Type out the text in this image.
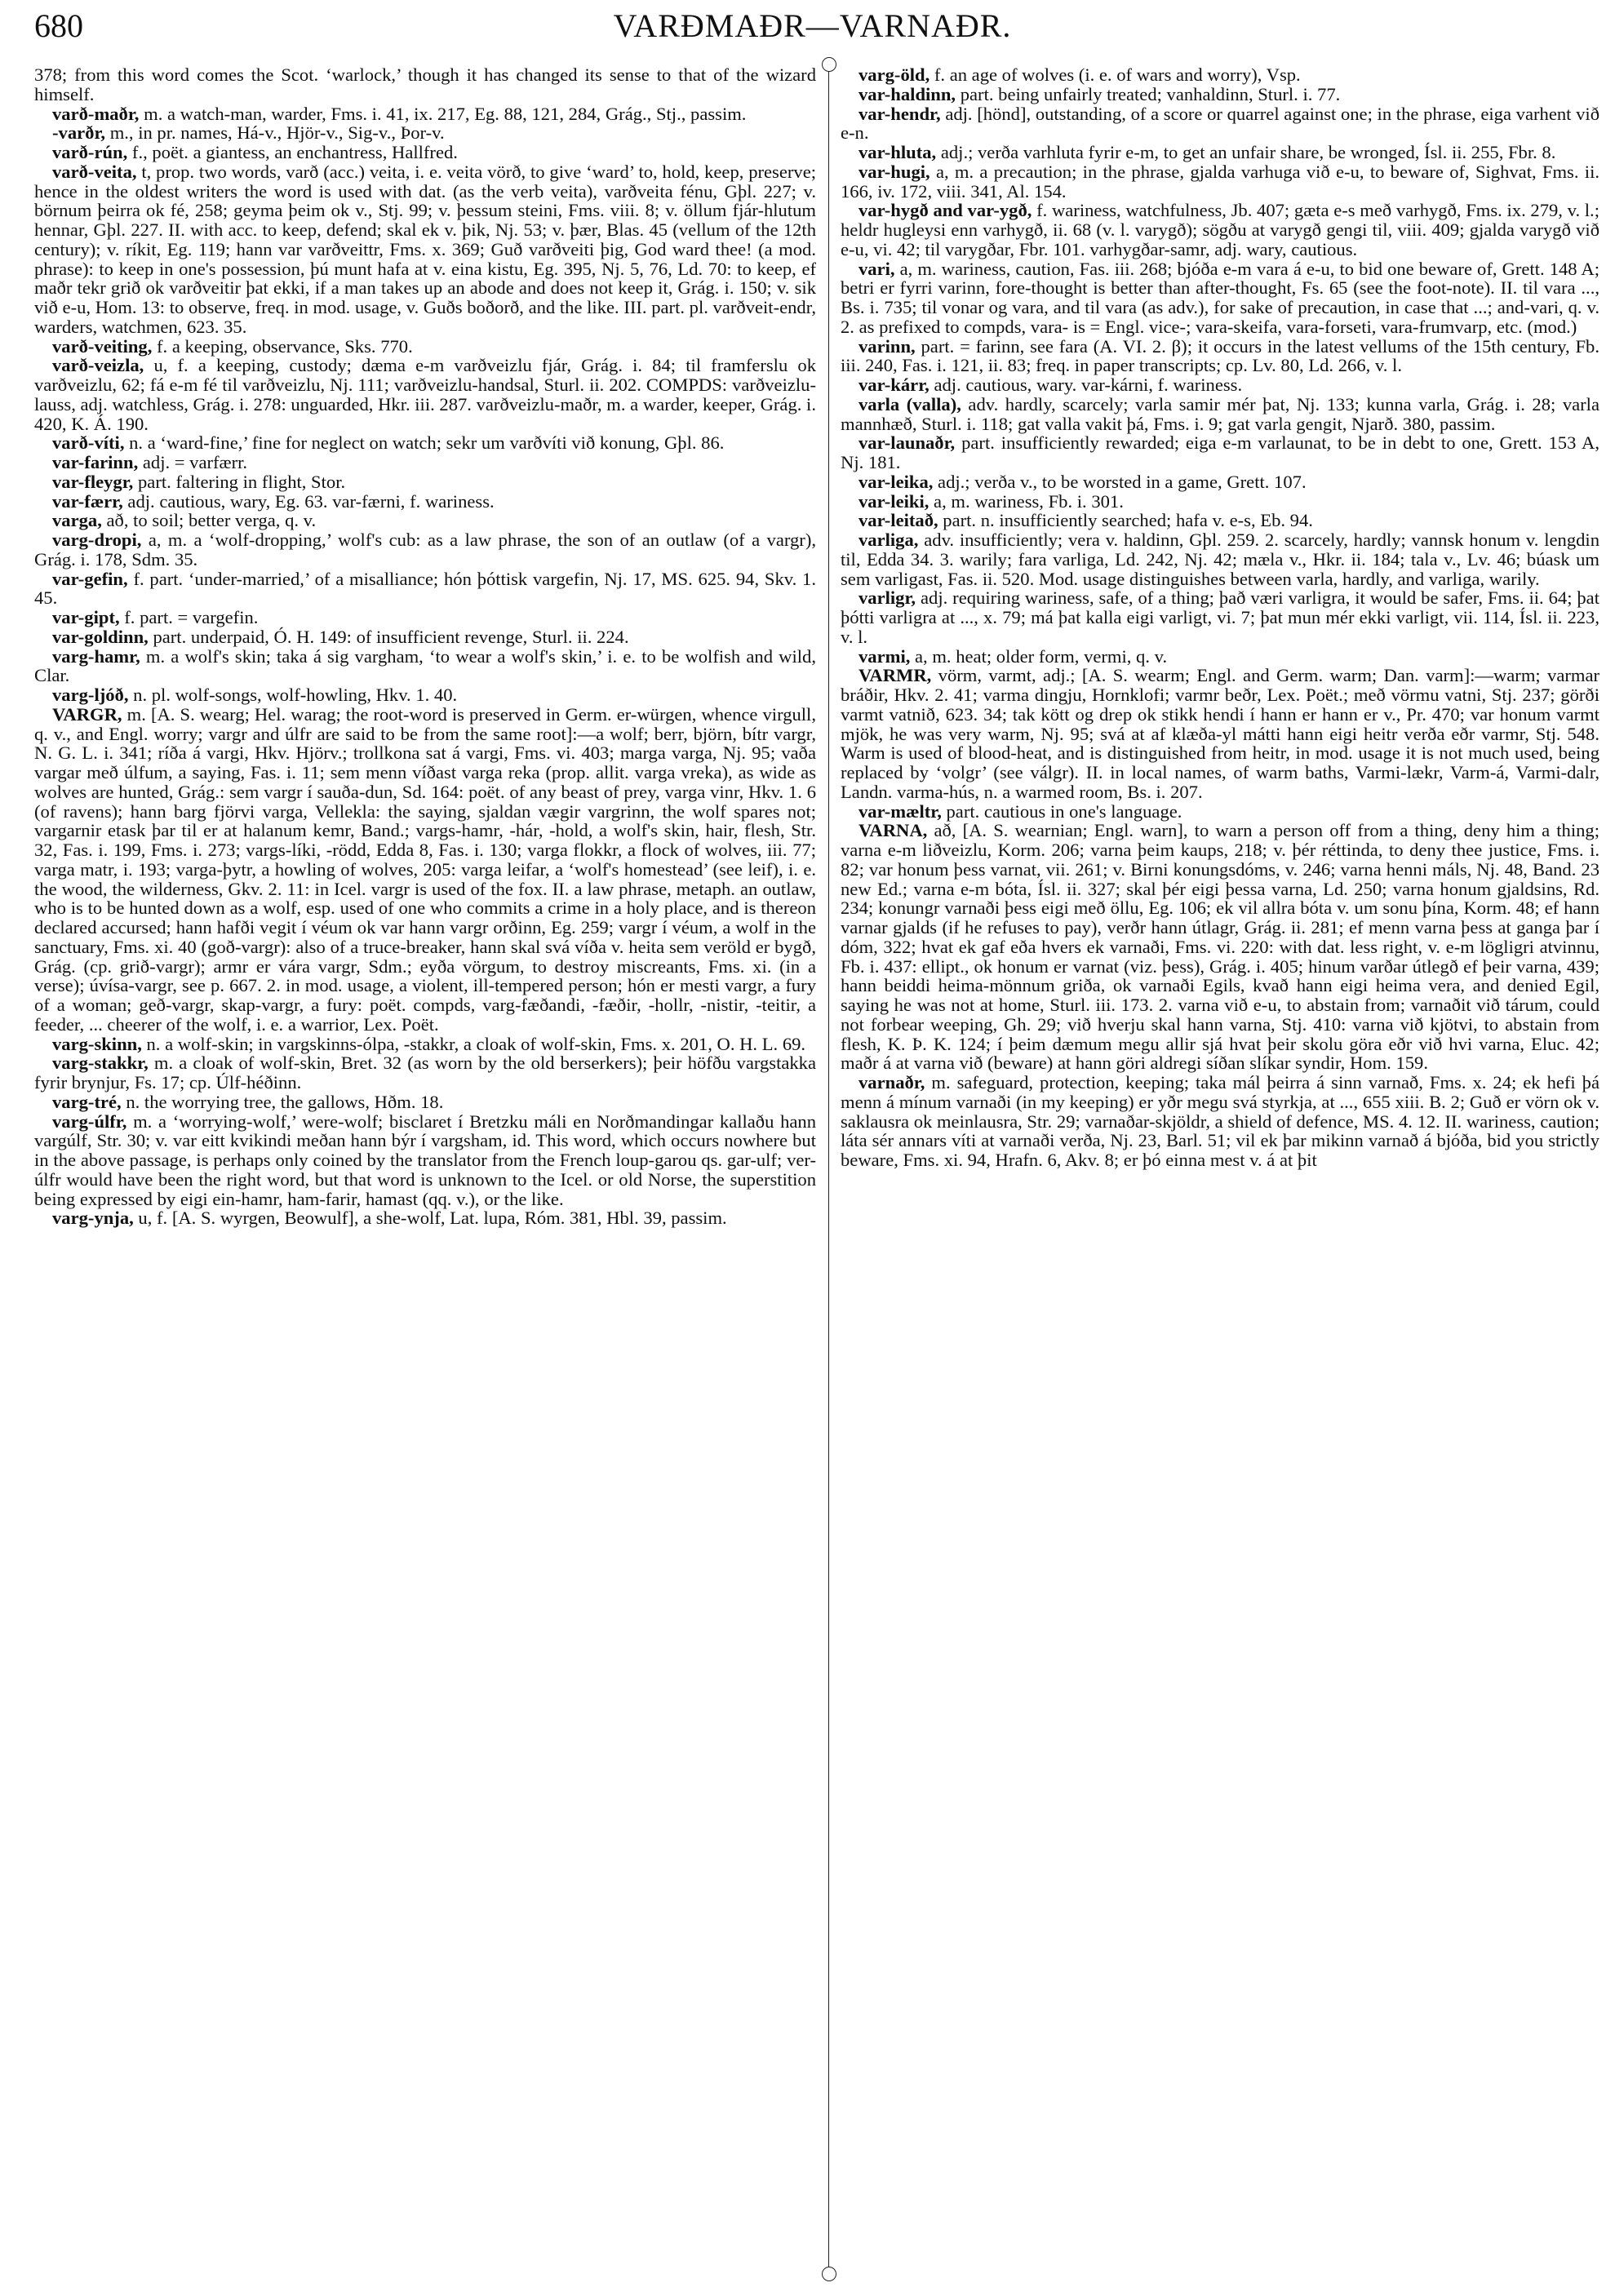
680	VARÐMAÐR—VARNAÐR.

378; from this word comes the Scot. ‘warlock,’ though it has changed its sense to that of the wizard himself.

varð-maðr, m. a watch-man, warder, Fms. i. 41, ix. 217, Eg. 88, 121, 284, Grág., Stj., passim.

-varðr, m., in pr. names, Há-v., Hjör-v., Sig-v., Þor-v.

varð-rún, f., poët. a giantess, an enchantress, Hallfred.

varð-veita, t, prop. two words, varð (acc.) veita, i. e. veita vörð, to give ‘ward’ to, hold, keep, preserve; hence in the oldest writers the word is used with dat. (as the verb veita), varðveita fénu, Gþl. 227; v. börnum þeirra ok fé, 258; geyma þeim ok v., Stj. 99; v. þessum steini, Fms. viii. 8; v. öllum fjár-hlutum hennar, Gþl. 227. II. with acc. to keep, defend; skal ek v. þik, Nj. 53; v. þær, Blas. 45 (vellum of the 12th century); v. ríkit, Eg. 119; hann var varðveittr, Fms. x. 369; Guð varðveiti þig, God ward thee! (a mod. phrase): to keep in one's possession, þú munt hafa at v. eina kistu, Eg. 395, Nj. 5, 76, Ld. 70: to keep, ef maðr tekr grið ok varðveitir þat ekki, if a man takes up an abode and does not keep it, Grág. i. 150; v. sik við e-u, Hom. 13: to observe, freq. in mod. usage, v. Guðs boðorð, and the like. III. part. pl. varðveit-endr, warders, watchmen, 623. 35.

varð-veiting, f. a keeping, observance, Sks. 770.

varð-veizla, u, f. a keeping, custody; dæma e-m varðveizlu fjár, Grág. i. 84; til framferslu ok varðveizlu, 62; fá e-m fé til varðveizlu, Nj. 111; varðveizlu-handsal, Sturl. ii. 202. COMPDS: varðveizlu-lauss, adj. watchless, Grág. i. 278: unguarded, Hkr. iii. 287. varðveizlu-maðr, m. a warder, keeper, Grág. i. 420, K. Á. 190.

varð-víti, n. a ‘ward-fine,’ fine for neglect on watch; sekr um varðvíti við konung, Gþl. 86.

var-farinn, adj. = varfærr.

var-fleygr, part. faltering in flight, Stor.

var-færr, adj. cautious, wary, Eg. 63. var-færni, f. wariness.

varga, að, to soil; better verga, q. v.

varg-dropi, a, m. a ‘wolf-dropping,’ wolf's cub: as a law phrase, the son of an outlaw (of a vargr), Grág. i. 178, Sdm. 35.

var-gefin, f. part. ‘under-married,’ of a misalliance; hón þóttisk vargefin, Nj. 17, MS. 625. 94, Skv. 1. 45.

var-gipt, f. part. = vargefin.

var-goldinn, part. underpaid, Ó. H. 149: of insufficient revenge, Sturl. ii. 224.

varg-hamr, m. a wolf's skin; taka á sig vargham, ‘to wear a wolf's skin,’ i. e. to be wolfish and wild, Clar.

varg-ljóð, n. pl. wolf-songs, wolf-howling, Hkv. 1. 40.

VARGR, m. [A. S. wearg; Hel. warag; the root-word is preserved in Germ. er-würgen, whence virgull, q. v., and Engl. worry; vargr and úlfr are said to be from the same root]:—a wolf; berr, björn, bítr vargr, N. G. L. i. 341; ríða á vargi, Hkv. Hjörv.; trollkona sat á vargi, Fms. vi. 403; marga varga, Nj. 95; vaða vargar með úlfum, a saying, Fas. i. 11; sem menn víðast varga reka (prop. allit. varga vreka), as wide as wolves are hunted, Grág.: sem vargr í sauða-dun, Sd. 164: poët. of any beast of prey, varga vinr, Hkv. 1. 6 (of ravens); hann barg fjörvi varga, Vellekla: the saying, sjaldan vægir vargrinn, the wolf spares not; vargarnir etask þar til er at halanum kemr, Band.; vargs-hamr, -hár, -hold, a wolf's skin, hair, flesh, Str. 32, Fas. i. 199, Fms. i. 273; vargs-líki, -rödd, Edda 8, Fas. i. 130; varga flokkr, a flock of wolves, iii. 77; varga matr, i. 193; varga-þytr, a howling of wolves, 205: varga leifar, a ‘wolf's homestead’ (see leif), i. e. the wood, the wilderness, Gkv. 2. 11: in Icel. vargr is used of the fox. II. a law phrase, metaph. an outlaw, who is to be hunted down as a wolf, esp. used of one who commits a crime in a holy place, and is thereon declared accursed; hann hafði vegit í véum ok var hann vargr orðinn, Eg. 259; vargr í véum, a wolf in the sanctuary, Fms. xi. 40 (goð-vargr): also of a truce-breaker, hann skal svá víða v. heita sem veröld er bygð, Grág. (cp. grið-vargr); armr er vára vargr, Sdm.; eyða vörgum, to destroy miscreants, Fms. xi. (in a verse); úvísa-vargr, see p. 667. 2. in mod. usage, a violent, ill-tempered person; hón er mesti vargr, a fury of a woman; geð-vargr, skap-vargr, a fury: poët. compds, varg-fæðandi, -fæðir, -hollr, -nistir, -teitir, a feeder, ... cheerer of the wolf, i. e. a warrior, Lex. Poët.

varg-skinn, n. a wolf-skin; in vargskinns-ólpa, -stakkr, a cloak of wolf-skin, Fms. x. 201, O. H. L. 69.

varg-stakkr, m. a cloak of wolf-skin, Bret. 32 (as worn by the old berserkers); þeir höfðu vargstakka fyrir brynjur, Fs. 17; cp. Úlf-héðinn.

varg-tré, n. the worrying tree, the gallows, Hðm. 18.

varg-úlfr, m. a ‘worrying-wolf,’ were-wolf; bisclaret í Bretzku máli en Norðmandingar kallaðu hann vargúlf, Str. 30; v. var eitt kvikindi meðan hann býr í vargsham, id. This word, which occurs nowhere but in the above passage, is perhaps only coined by the translator from the French loup-garou qs. gar-ulf; ver-úlfr would have been the right word, but that word is unknown to the Icel. or old Norse, the superstition being expressed by eigi ein-hamr, ham-farir, hamast (qq. v.), or the like.

varg-ynja, u, f. [A. S. wyrgen, Beowulf], a she-wolf, Lat. lupa, Róm. 381, Hbl. 39, passim.

varg-öld, f. an age of wolves (i. e. of wars and worry), Vsp.

var-haldinn, part. being unfairly treated; vanhaldinn, Sturl. i. 77.

var-hendr, adj. [hönd], outstanding, of a score or quarrel against one; in the phrase, eiga varhent við e-n.

var-hluta, adj.; verða varhluta fyrir e-m, to get an unfair share, be wronged, Ísl. ii. 255, Fbr. 8.

var-hugi, a, m. a precaution; in the phrase, gjalda varhuga við e-u, to beware of, Sighvat, Fms. ii. 166, iv. 172, viii. 341, Al. 154.

var-hygð and var-ygð, f. wariness, watchfulness, Jb. 407; gæta e-s með varhygð, Fms. ix. 279, v. l.; heldr hugleysi enn varhygð, ii. 68 (v. l. varygð); sögðu at varygð gengi til, viii. 409; gjalda varygð við e-u, vi. 42; til varygðar, Fbr. 101. varhygðar-samr, adj. wary, cautious.

vari, a, m. wariness, caution, Fas. iii. 268; bjóða e-m vara á e-u, to bid one beware of, Grett. 148 A; betri er fyrri varinn, fore-thought is better than after-thought, Fs. 65 (see the foot-note). II. til vara ..., Bs. i. 735; til vonar og vara, and til vara (as adv.), for sake of precaution, in case that ...; and-vari, q. v. 2. as prefixed to compds, vara- is = Engl. vice-; vara-skeifa, vara-forseti, vara-frumvarp, etc. (mod.)

varinn, part. = farinn, see fara (A. VI. 2. β); it occurs in the latest vellums of the 15th century, Fb. iii. 240, Fas. i. 121, ii. 83; freq. in paper transcripts; cp. Lv. 80, Ld. 266, v. l.

var-kárr, adj. cautious, wary. var-kárni, f. wariness.

varla (valla), adv. hardly, scarcely; varla samir mér þat, Nj. 133; kunna varla, Grág. i. 28; varla mannhæð, Sturl. i. 118; gat valla vakit þá, Fms. i. 9; gat varla gengit, Njarð. 380, passim.

var-launaðr, part. insufficiently rewarded; eiga e-m varlaunat, to be in debt to one, Grett. 153 A, Nj. 181.

var-leika, adj.; verða v., to be worsted in a game, Grett. 107.

var-leiki, a, m. wariness, Fb. i. 301.

var-leitað, part. n. insufficiently searched; hafa v. e-s, Eb. 94.

varliga, adv. insufficiently; vera v. haldinn, Gþl. 259. 2. scarcely, hardly; vannsk honum v. lengdin til, Edda 34. 3. warily; fara varliga, Ld. 242, Nj. 42; mæla v., Hkr. ii. 184; tala v., Lv. 46; búask um sem varligast, Fas. ii. 520. Mod. usage distinguishes between varla, hardly, and varliga, warily.

varligr, adj. requiring wariness, safe, of a thing; það væri varligra, it would be safer, Fms. ii. 64; þat þótti varligra at ..., x. 79; má þat kalla eigi varligt, vi. 7; þat mun mér ekki varligt, vii. 114, Ísl. ii. 223, v. l.

varmi, a, m. heat; older form, vermi, q. v.

VARMR, vörm, varmt, adj.; [A. S. wearm; Engl. and Germ. warm; Dan. varm]:—warm; varmar bráðir, Hkv. 2. 41; varma dingju, Hornklofi; varmr beðr, Lex. Poët.; með vörmu vatni, Stj. 237; görði varmt vatnið, 623. 34; tak kött og drep ok stikk hendi í hann er hann er v., Pr. 470; var honum varmt mjök, he was very warm, Nj. 95; svá at af klæða-yl mátti hann eigi heitr verða eðr varmr, Stj. 548. Warm is used of blood-heat, and is distinguished from heitr, in mod. usage it is not much used, being replaced by ‘volgr’ (see válgr). II. in local names, of warm baths, Varmi-lækr, Varm-á, Varmi-dalr, Landn. varma-hús, n. a warmed room, Bs. i. 207.

var-mæltr, part. cautious in one's language.

VARNA, að, [A. S. wearnian; Engl. warn], to warn a person off from a thing, deny him a thing; varna e-m liðveizlu, Korm. 206; varna þeim kaups, 218; v. þér réttinda, to deny thee justice, Fms. i. 82; var honum þess varnat, vii. 261; v. Birni konungsdóms, v. 246; varna henni máls, Nj. 48, Band. 23 new Ed.; varna e-m bóta, Ísl. ii. 327; skal þér eigi þessa varna, Ld. 250; varna honum gjaldsins, Rd. 234; konungr varnaði þess eigi með öllu, Eg. 106; ek vil allra bóta v. um sonu þína, Korm. 48; ef hann varnar gjalds (if he refuses to pay), verðr hann útlagr, Grág. ii. 281; ef menn varna þess at ganga þar í dóm, 322; hvat ek gaf eða hvers ek varnaði, Fms. vi. 220: with dat. less right, v. e-m lögligri atvinnu, Fb. i. 437: ellipt., ok honum er varnat (viz. þess), Grág. i. 405; hinum varðar útlegð ef þeir varna, 439; hann beiddi heima-mönnum griða, ok varnaði Egils, kvað hann eigi heima vera, and denied Egil, saying he was not at home, Sturl. iii. 173. 2. varna við e-u, to abstain from; varnaðit við tárum, could not forbear weeping, Gh. 29; við hverju skal hann varna, Stj. 410: varna við kjötvi, to abstain from flesh, K. Þ. K. 124; í þeim dæmum megu allir sjá hvat þeir skolu göra eðr við hvi varna, Eluc. 42; maðr á at varna við (beware) at hann göri aldregi síðan slíkar syndir, Hom. 159.

varnaðr, m. safeguard, protection, keeping; taka mál þeirra á sinn varnað, Fms. x. 24; ek hefi þá menn á mínum varnaði (in my keeping) er yðr megu svá styrkja, at ..., 655 xiii. B. 2; Guð er vörn ok v. saklausra ok meinlausra, Str. 29; varnaðar-skjöldr, a shield of defence, MS. 4. 12. II. wariness, caution; láta sér annars víti at varnaði verða, Nj. 23, Barl. 51; vil ek þar mikinn varnað á bjóða, bid you strictly beware, Fms. xi. 94, Hrafn. 6, Akv. 8; er þó einna mest v. á at þit
